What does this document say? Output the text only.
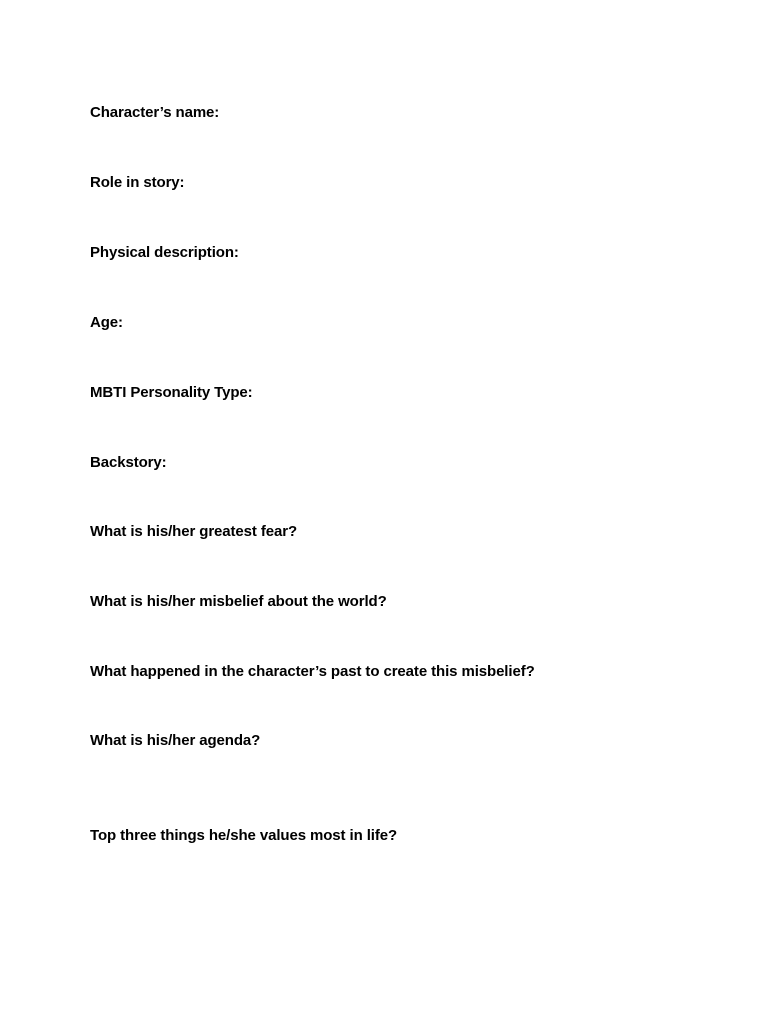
Character’s name:

Role in story:

Physical description:

Age:

MBTI Personality Type:

Backstory:

What is his/her greatest fear?

What is his/her misbelief about the world?

What happened in the character’s past to create this misbelief?

What is his/her agenda?

Top three things he/she values most in life?
